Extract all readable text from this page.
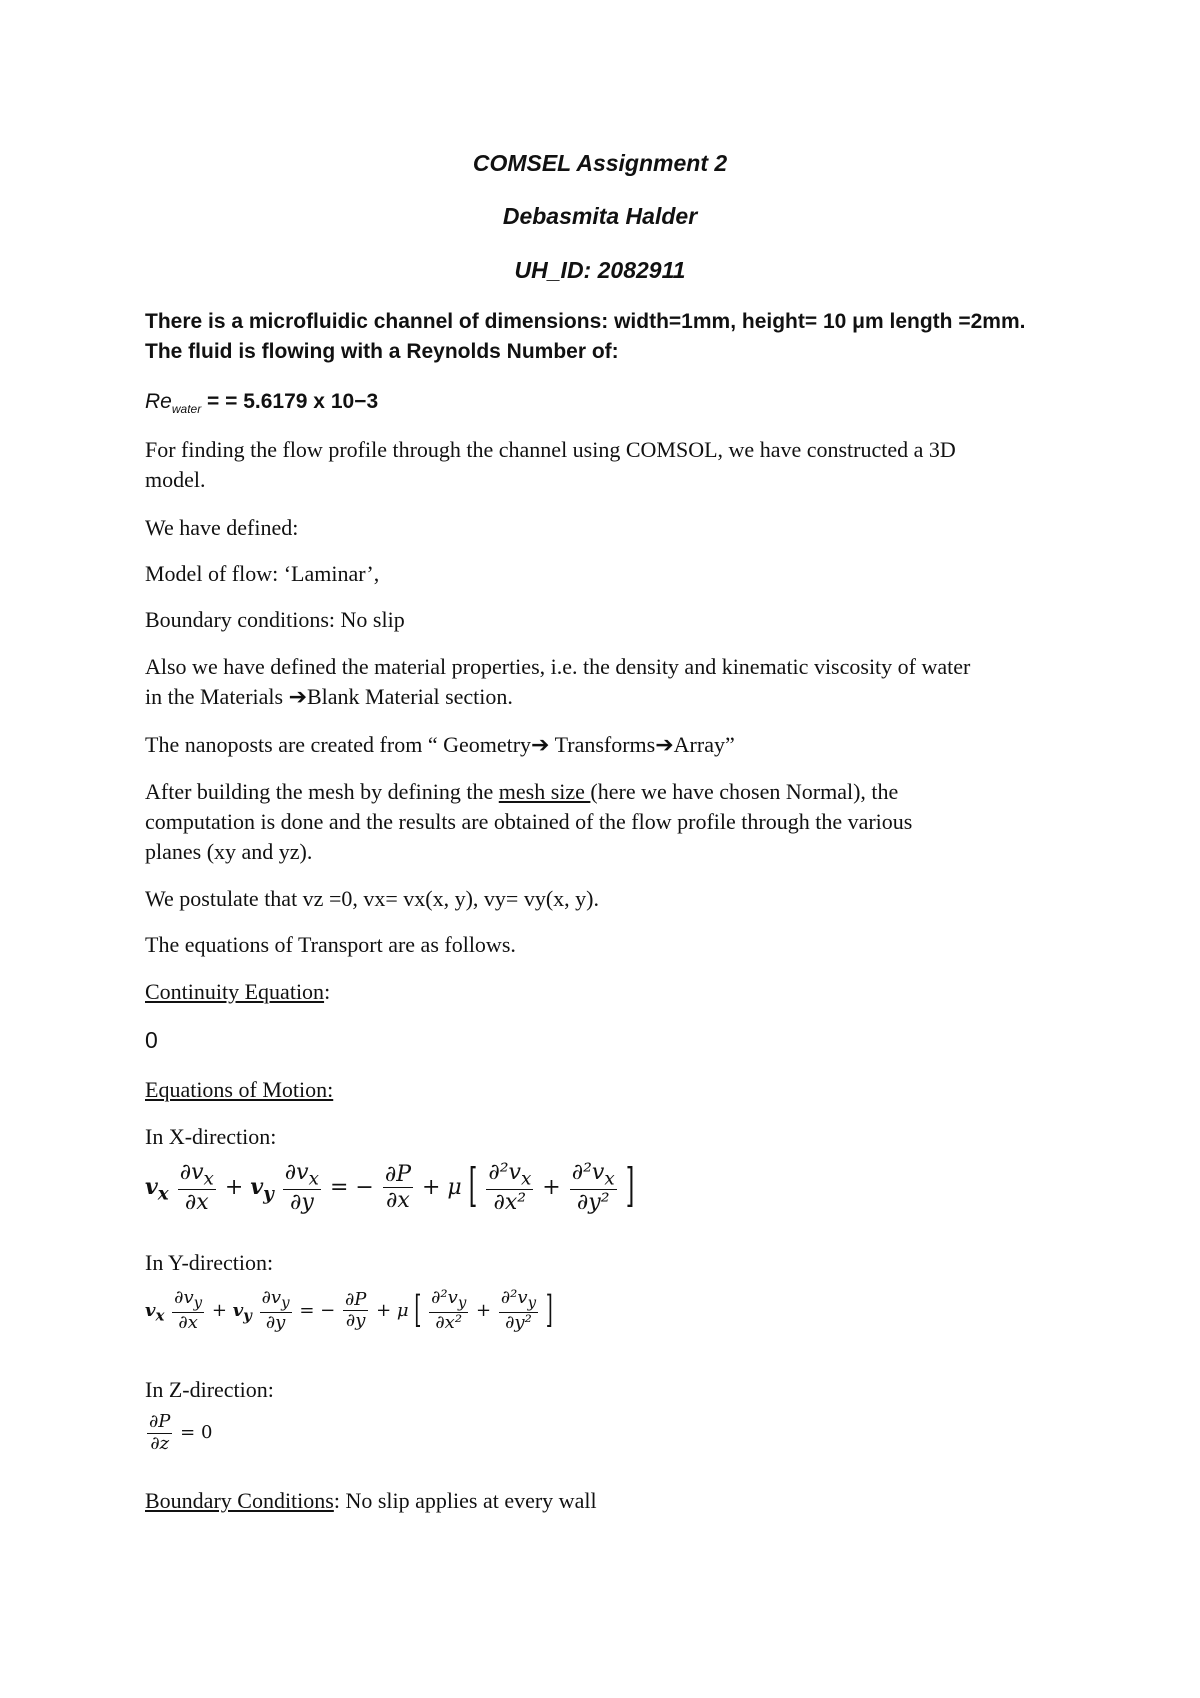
COMSEL Assignment 2
Debasmita Halder
UH_ID: 2082911
There is a microfluidic channel of dimensions: width=1mm, height= 10 μm length =2mm.
The fluid is flowing with a Reynolds Number of:
$Re_{water}$ = = 5.6179 x 10−3
For finding the flow profile through the channel using COMSOL, we have constructed a 3D
model.
We have defined:
Model of flow: ‘Laminar’,
Boundary conditions: No slip
Also we have defined the material properties, i.e. the density and kinematic viscosity of water
in the Materials ➔Blank Material section.
The nanoposts are created from “ Geometry➔ Transforms➔Array”
After building the mesh by defining the mesh size (here we have chosen Normal), the
computation is done and the results are obtained of the flow profile through the various
planes (xy and yz).
We postulate that vz =0, vx= vx(x, y), vy= vy(x, y).
The equations of Transport are as follows.
Continuity Equation:
0
Equations of Motion:
In X-direction:
$v_x \frac{\partial v_x}{\partial x} + v_y \frac{\partial v_x}{\partial y}$ = − $\frac{\partial P}{\partial x} + \mu$ [ $\frac{\partial^2v_x}{\text{∂x²}} + \frac{\partial^2v_x}{\text{∂y²}}$ ]
In Y-direction:
$v_x \frac{\partial v_y}{\partial x} + v_y \frac{\partial v_y}{\partial y}$ = − $\frac{\partial P}{\partial y} + \mu$ [ $\frac{\partial^2v_y}{\text{∂x²}} + \frac{\partial^2v_y}{\text{∂y²}}$ ]
In Z-direction:
$\frac{\partial P}{\partial z} = 0$
Boundary Conditions: No slip applies at every wall
